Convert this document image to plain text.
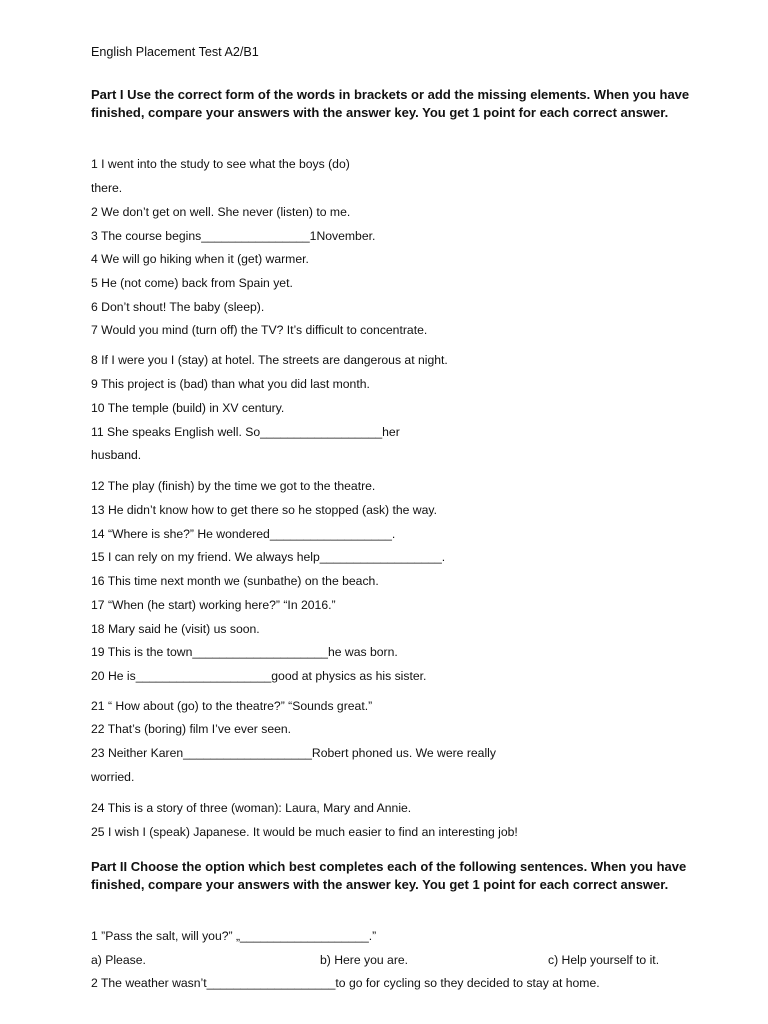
English Placement Test A2/B1
Part I Use the correct form of the words in brackets or add the missing elements. When you have finished, compare your answers with the answer key. You get 1 point for each correct answer.
1 I went into the study to see what the boys (do)
there.
2 We don’t get on well. She never (listen) to me.
3 The course begins________________1November.
4 We will go hiking when it (get) warmer.
5 He (not come) back from Spain yet.
6 Don’t shout! The baby (sleep).
7 Would you mind (turn off) the TV? It’s difficult to concentrate.
8 If I were you I (stay) at hotel. The streets are dangerous at night.
9 This project is (bad) than what you did last month.
10 The temple (build) in XV century.
11 She speaks English well. So__________________her
husband.
12 The play (finish) by the time we got to the theatre.
13 He didn’t know how to get there so he stopped (ask) the way.
14 “Where is she?” He wondered__________________.
15 I can rely on my friend. We always help__________________.
16 This time next month we (sunbathe) on the beach.
17 “When (he start) working here?” “In 2016.”
18 Mary said he (visit) us soon.
19 This is the town____________________he was born.
20 He is____________________good at physics as his sister.
21 “ How about (go) to the theatre?” “Sounds great.”
22 That’s (boring) film I’ve ever seen.
23 Neither Karen___________________Robert phoned us. We were really
worried.
24 This is a story of three (woman): Laura, Mary and Annie.
25 I wish I (speak) Japanese. It would be much easier to find an interesting job!
Part II Choose the option which best completes each of the following sentences. When you have finished, compare your answers with the answer key. You get 1 point for each correct answer.
1 ”Pass the salt, will you?” „___________________.”
a) Please.	b) Here you are.	c) Help yourself to it.
2 The weather wasn’t___________________to go for cycling so they decided to stay at home.
